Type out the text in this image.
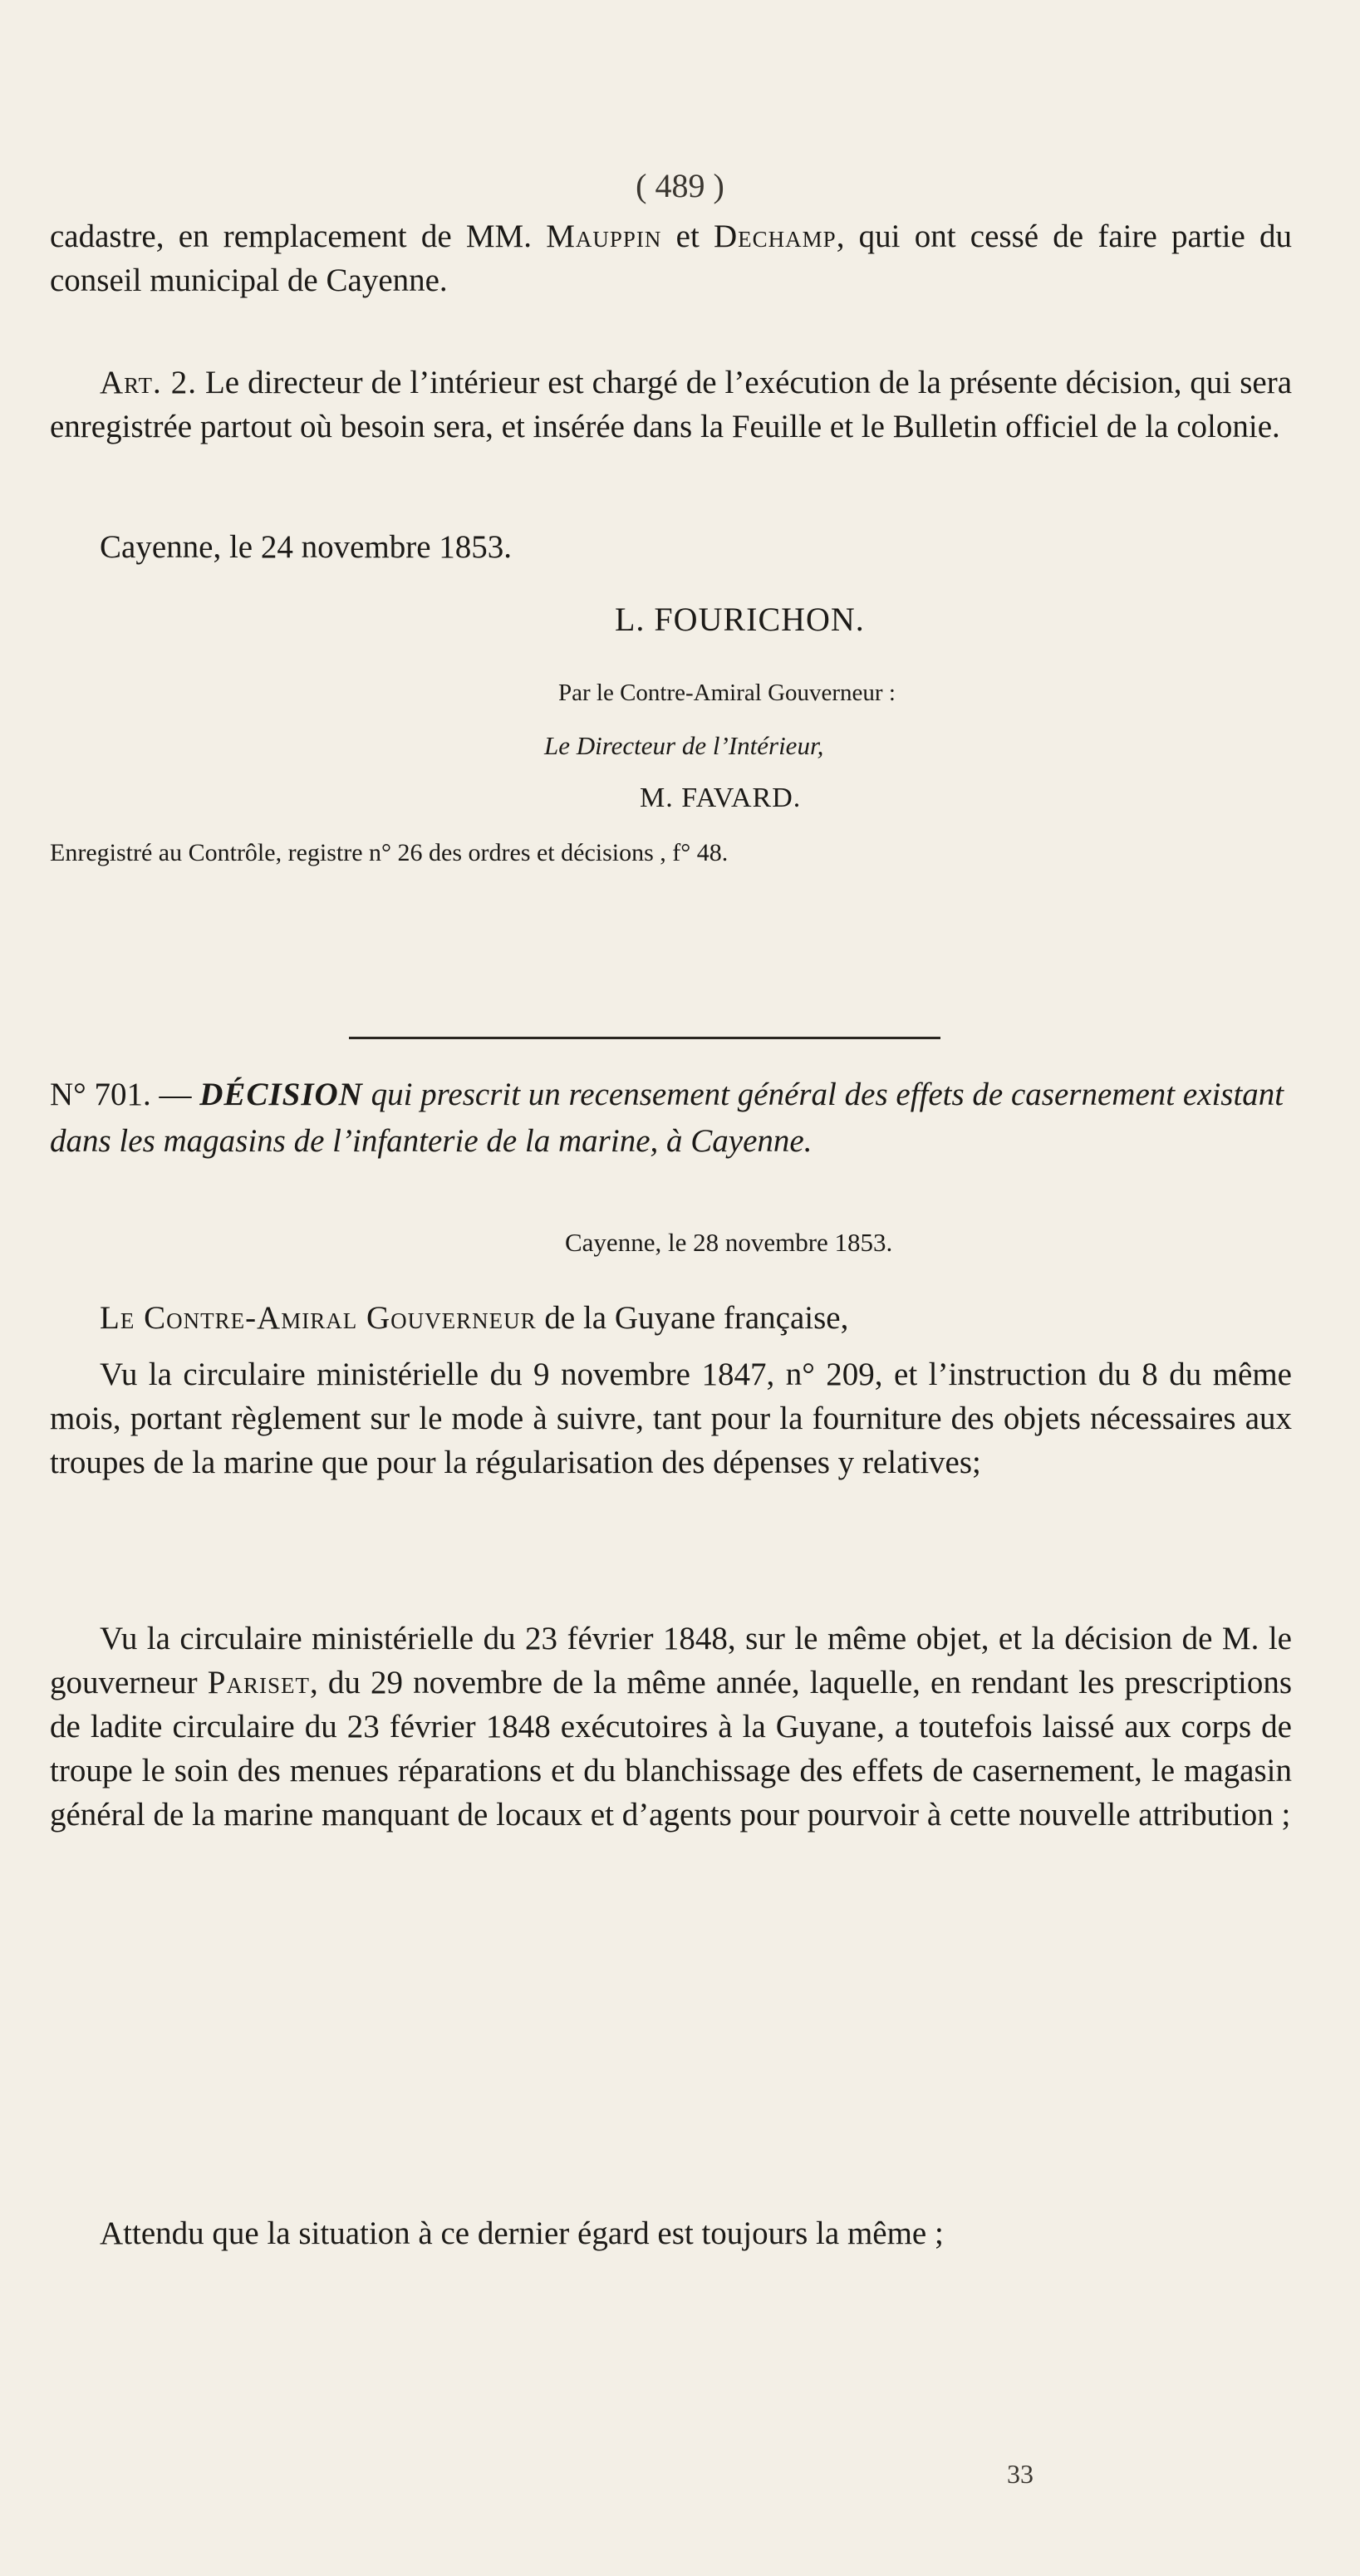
( 489 )

cadastre, en remplacement de MM. Mauppin et Dechamp, qui ont cessé de faire partie du conseil municipal de Cayenne.

Art. 2. Le directeur de l’intérieur est chargé de l’exécution de la présente décision, qui sera enregistrée partout où besoin sera, et insérée dans la Feuille et le Bulletin officiel de la colonie.

Cayenne, le 24 novembre 1853.
L. FOURICHON.
Par le Contre-Amiral Gouverneur :
Le Directeur de l’Intérieur,
M. FAVARD.
Enregistré au Contrôle, registre n° 26 des ordres et décisions , f° 48.

N° 701. — DÉCISION qui prescrit un recensement général des effets de casernement existant dans les magasins de l’infanterie de la marine, à Cayenne.

Cayenne, le 28 novembre 1853.

Le Contre-Amiral Gouverneur de la Guyane française,

Vu la circulaire ministérielle du 9 novembre 1847, n° 209, et l’instruction du 8 du même mois, portant règlement sur le mode à suivre, tant pour la fourniture des objets nécessaires aux troupes de la marine que pour la régularisation des dépenses y relatives;

Vu la circulaire ministérielle du 23 février 1848, sur le même objet, et la décision de M. le gouverneur Pariset, du 29 novembre de la même année, laquelle, en rendant les prescriptions de ladite circulaire du 23 février 1848 exécutoires à la Guyane, a toutefois laissé aux corps de troupe le soin des menues réparations et du blanchissage des effets de casernement, le magasin général de la marine manquant de locaux et d’agents pour pourvoir à cette nouvelle attribution ;

Attendu que la situation à ce dernier égard est toujours la même ;

33
